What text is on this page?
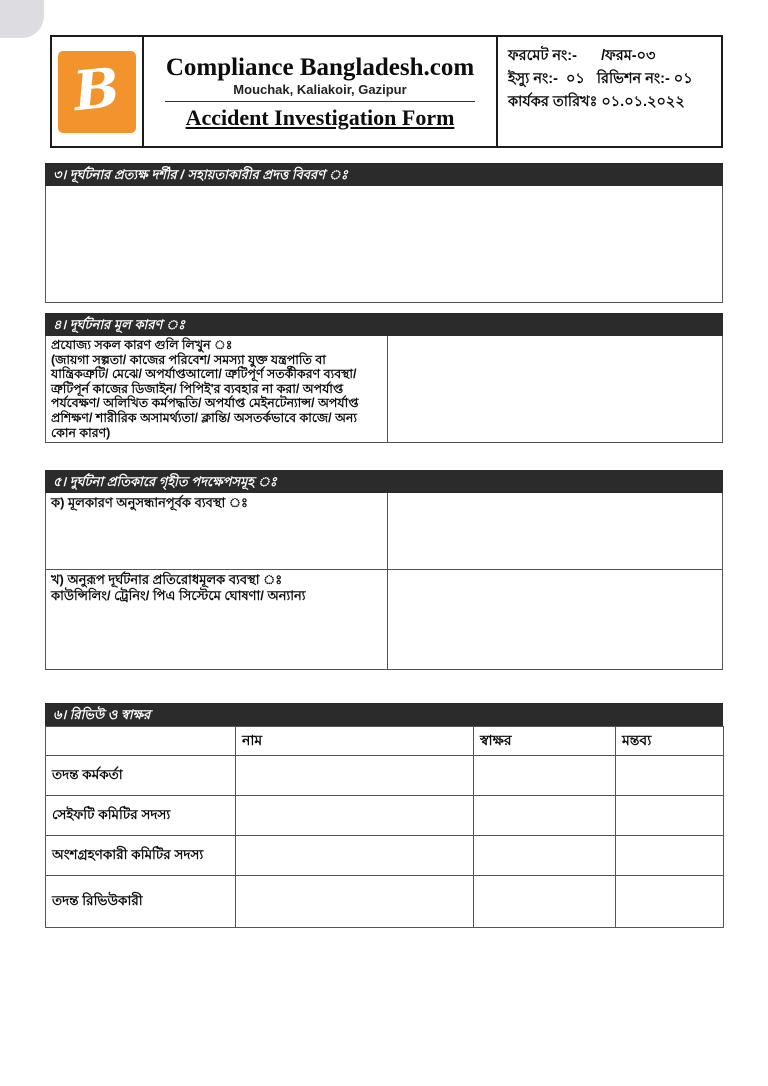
B Compliance Bangladesh.com
Mouchak, Kaliakoir, Gazipur
Accident Investigation Form
ফরমেট নং:-      /ফরম-০৩
ইস্যু নং:-  ০১   রিভিশন নং:- ০১
কার্যকর তারিখঃ ০১.০১.২০২২
৩। দূর্ঘটনার প্রত্যক্ষ দর্শীর / সহায়তাকারীর প্রদত্ত বিবরণ ঃ
৪। দূর্ঘটনার মূল কারণ ঃ
প্রযোজ্য সকল কারণ গুলি লিখুন ঃ
(জায়গা সল্পতা/ কাজের পরিবেশ/ সমস্যা যুক্ত যন্ত্রপাতি বা যান্ত্রিকত্রুটি/ মেঝে/ অপর্যাপ্তআলো/ ত্রুটিপূর্ণ সতর্কীকরণ ব্যবস্থা/ ত্রুটিপূর্ন কাজের ডিজাইন/ পিপিই'র ব্যবহার না করা/ অপর্যাপ্ত পর্যবেক্ষণ/ অলিখিত কর্মপদ্ধতি/ অপর্যাপ্ত মেইনটেন্যান্স/ অপর্যাপ্ত প্রশিক্ষণ/ শারীরিক অসামর্থ্যতা/ ক্লান্তি/ অসতর্কভাবে কাজে/ অন্য কোন কারণ)
৫। দুর্ঘটনা প্রতিকারে গৃহীত পদক্ষেপসমূহ ঃ
ক) মূলকারণ অনুসন্ধানপূর্বক ব্যবস্থা ঃ
খ) অনুরূপ দূর্ঘটনার প্রতিরোধমূলক ব্যবস্থা ঃ
কাউন্সিলিং/ ট্রেনিং/ পিএ সিস্টেমে ঘোষণা/ অন্যান্য
৬। রিভিউ ও স্বাক্ষর
	নাম	স্বাক্ষর	মন্তব্য
তদন্ত কর্মকর্তা			
সেইফটি কমিটির সদস্য			
অংশগ্রহণকারী কমিটির সদস্য			
তদন্ত রিভিউকারী			
